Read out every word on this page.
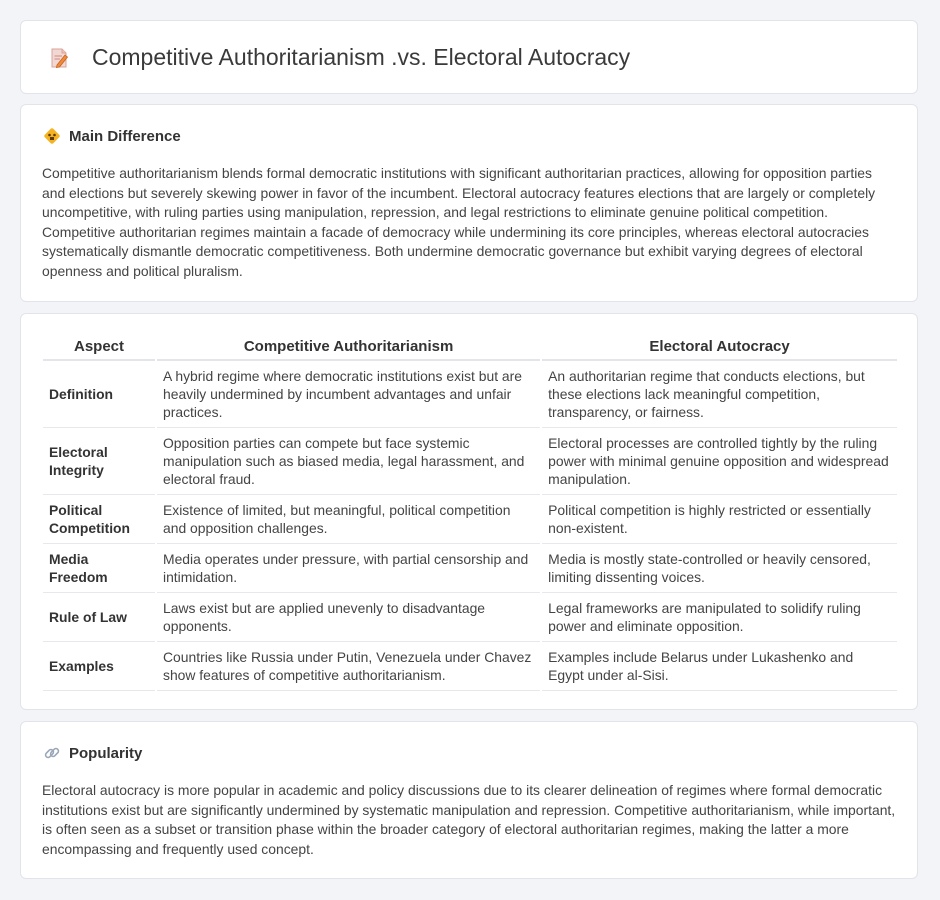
Competitive Authoritarianism .vs. Electoral Autocracy
Main Difference

Competitive authoritarianism blends formal democratic institutions with significant authoritarian practices, allowing for opposition parties and elections but severely skewing power in favor of the incumbent. Electoral autocracy features elections that are largely or completely uncompetitive, with ruling parties using manipulation, repression, and legal restrictions to eliminate genuine political competition. Competitive authoritarian regimes maintain a facade of democracy while undermining its core principles, whereas electoral autocracies systematically dismantle democratic competitiveness. Both undermine democratic governance but exhibit varying degrees of electoral openness and political pluralism.

Aspect	Competitive Authoritarianism	Electoral Autocracy
Definition	A hybrid regime where democratic institutions exist but are heavily undermined by incumbent advantages and unfair practices.	An authoritarian regime that conducts elections, but these elections lack meaningful competition, transparency, or fairness.
Electoral Integrity	Opposition parties can compete but face systemic manipulation such as biased media, legal harassment, and electoral fraud.	Electoral processes are controlled tightly by the ruling power with minimal genuine opposition and widespread manipulation.
Political Competition	Existence of limited, but meaningful, political competition and opposition challenges.	Political competition is highly restricted or essentially non-existent.
Media Freedom	Media operates under pressure, with partial censorship and intimidation.	Media is mostly state-controlled or heavily censored, limiting dissenting voices.
Rule of Law	Laws exist but are applied unevenly to disadvantage opponents.	Legal frameworks are manipulated to solidify ruling power and eliminate opposition.
Examples	Countries like Russia under Putin, Venezuela under Chavez show features of competitive authoritarianism.	Examples include Belarus under Lukashenko and Egypt under al-Sisi.
Popularity

Electoral autocracy is more popular in academic and policy discussions due to its clearer delineation of regimes where formal democratic institutions exist but are significantly undermined by systematic manipulation and repression. Competitive authoritarianism, while important, is often seen as a subset or transition phase within the broader category of electoral authoritarian regimes, making the latter a more encompassing and frequently used concept.
